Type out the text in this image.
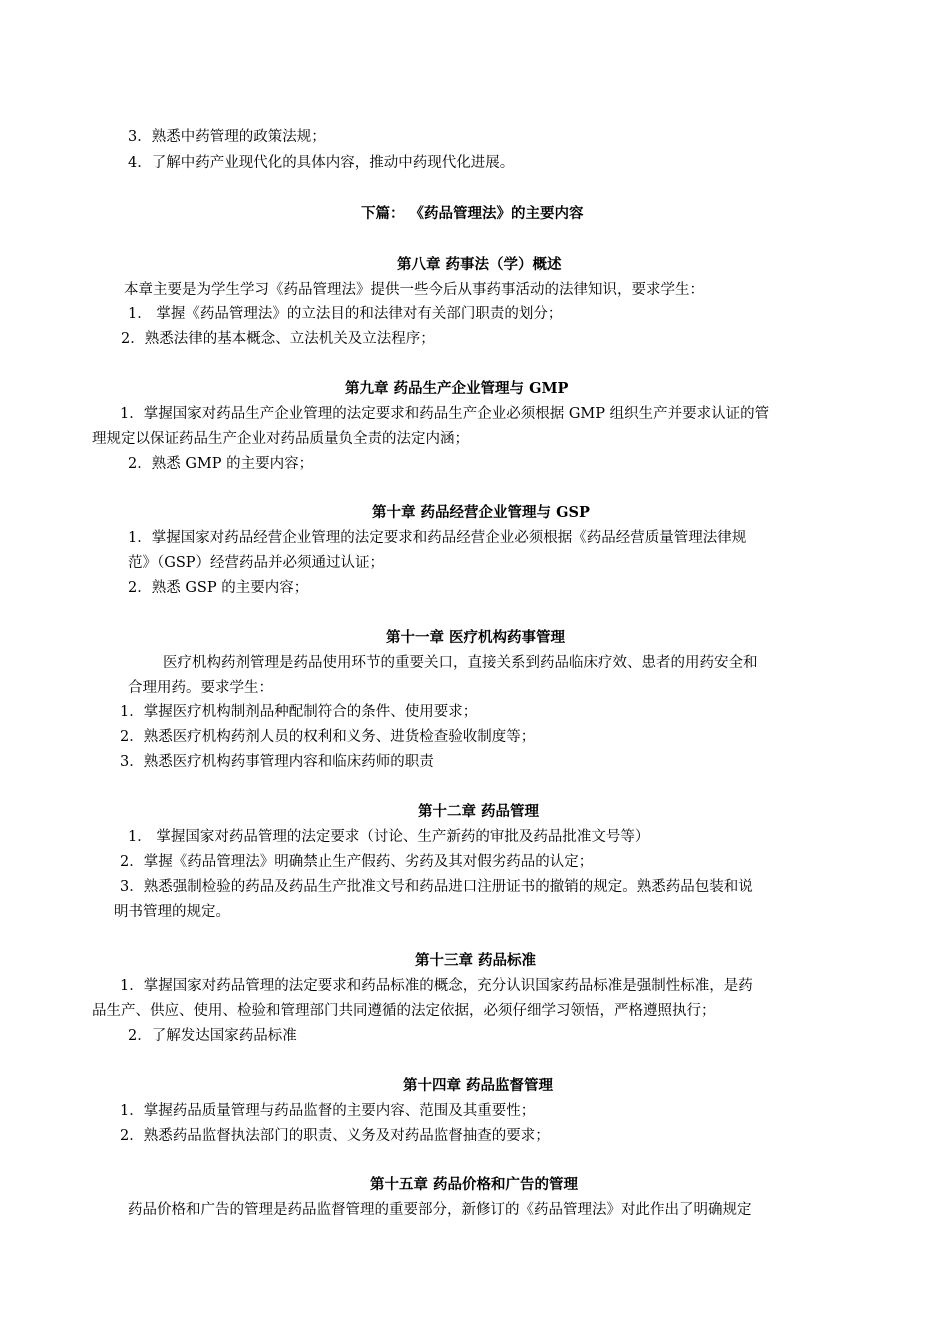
3．熟悉中药管理的政策法规；
4．了解中药产业现代化的具体内容，推动中药现代化进展。
下篇： 《药品管理法》的主要内容
第八章 药事法（学）概述
本章主要是为学生学习《药品管理法》提供一些今后从事药事活动的法律知识，要求学生：
1． 掌握《药品管理法》的立法目的和法律对有关部门职责的划分；
2．熟悉法律的基本概念、立法机关及立法程序；
第九章 药品生产企业管理与 GMP
1．掌握国家对药品生产企业管理的法定要求和药品生产企业必须根据 GMP 组织生产并要求认证的管
理规定以保证药品生产企业对药品质量负全责的法定内涵；
2．熟悉 GMP 的主要内容；
第十章 药品经营企业管理与 GSP
1．掌握国家对药品经营企业管理的法定要求和药品经营企业必须根据《药品经营质量管理法律规
范》（GSP）经营药品并必须通过认证；
2．熟悉 GSP 的主要内容；
第十一章 医疗机构药事管理
医疗机构药剂管理是药品使用环节的重要关口，直接关系到药品临床疗效、患者的用药安全和
合理用药。要求学生：
1．掌握医疗机构制剂品种配制符合的条件、使用要求；
2．熟悉医疗机构药剂人员的权利和义务、进货检查验收制度等；
3．熟悉医疗机构药事管理内容和临床药师的职责
第十二章 药品管理
1． 掌握国家对药品管理的法定要求（讨论、生产新药的审批及药品批准文号等）
2．掌握《药品管理法》明确禁止生产假药、劣药及其对假劣药品的认定；
3．熟悉强制检验的药品及药品生产批准文号和药品进口注册证书的撤销的规定。熟悉药品包装和说
明书管理的规定。
第十三章 药品标准
1．掌握国家对药品管理的法定要求和药品标准的概念，充分认识国家药品标准是强制性标准，是药
品生产、供应、使用、检验和管理部门共同遵循的法定依据，必须仔细学习领悟，严格遵照执行；
2．了解发达国家药品标准
第十四章 药品监督管理
1．掌握药品质量管理与药品监督的主要内容、范围及其重要性；
2．熟悉药品监督执法部门的职责、义务及对药品监督抽查的要求；
第十五章 药品价格和广告的管理
药品价格和广告的管理是药品监督管理的重要部分，新修订的《药品管理法》对此作出了明确规定
